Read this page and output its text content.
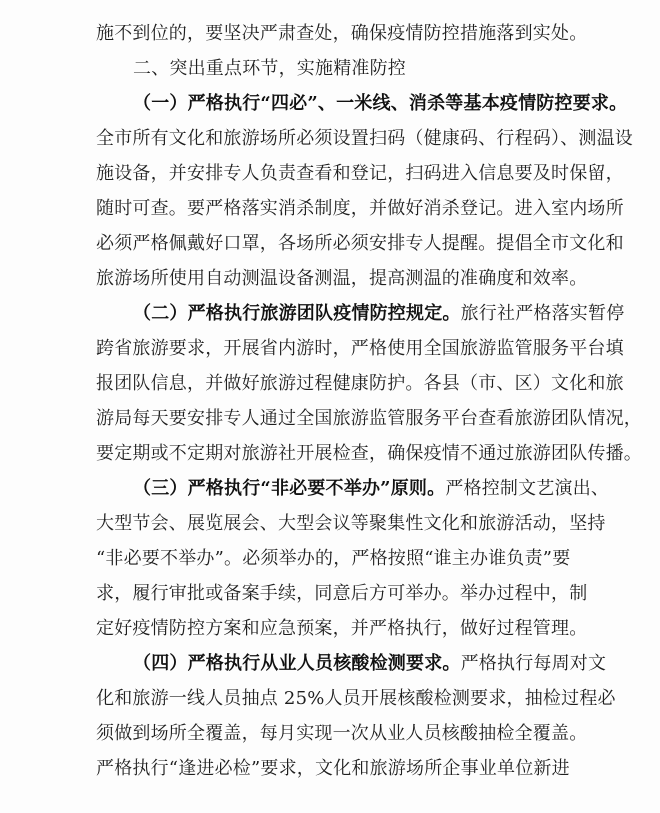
施不到位的，要坚决严肃查处，确保疫情防控措施落到实处。
二、突出重点环节，实施精准防控
（一）严格执行“四必”、一米线、消杀等基本疫情防控要求。
全市所有文化和旅游场所必须设置扫码（健康码、行程码）、测温设
施设备，并安排专人负责查看和登记，扫码进入信息要及时保留，
随时可查。要严格落实消杀制度，并做好消杀登记。进入室内场所
必须严格佩戴好口罩，各场所必须安排专人提醒。提倡全市文化和
旅游场所使用自动测温设备测温，提高测温的准确度和效率。
（二）严格执行旅游团队疫情防控规定。旅行社严格落实暂停
跨省旅游要求，开展省内游时，严格使用全国旅游监管服务平台填
报团队信息，并做好旅游过程健康防护。各县（市、区）文化和旅
游局每天要安排专人通过全国旅游监管服务平台查看旅游团队情况，
要定期或不定期对旅游社开展检查，确保疫情不通过旅游团队传播。
（三）严格执行“非必要不举办”原则。严格控制文艺演出、
大型节会、展览展会、大型会议等聚集性文化和旅游活动，坚持
“非必要不举办”。必须举办的，严格按照“谁主办谁负责”要
求，履行审批或备案手续，同意后方可举办。举办过程中，制
定好疫情防控方案和应急预案，并严格执行，做好过程管理。
（四）严格执行从业人员核酸检测要求。严格执行每周对文
化和旅游一线人员抽点 25%人员开展核酸检测要求，抽检过程必
须做到场所全覆盖，每月实现一次从业人员核酸抽检全覆盖。
严格执行“逢进必检”要求，文化和旅游场所企事业单位新进
